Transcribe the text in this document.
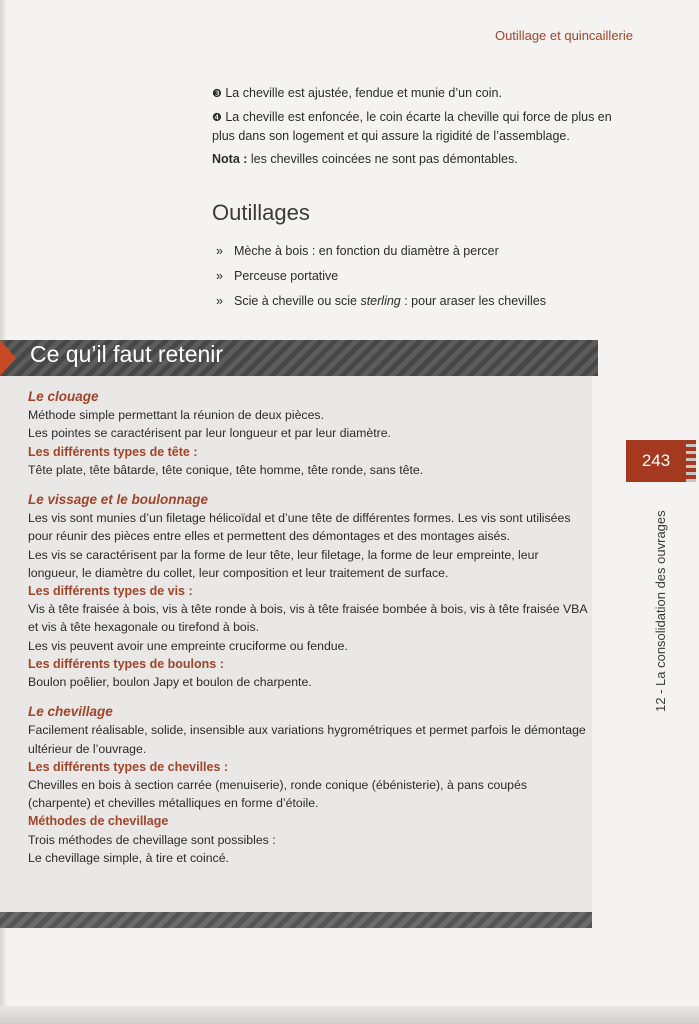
Outillage et quincaillerie

❸ La cheville est ajustée, fendue et munie d’un coin.

❹ La cheville est enfoncée, le coin écarte la cheville qui force de plus en plus dans son logement et qui assure la rigidité de l’assemblage.

Nota : les chevilles coincées ne sont pas démontables.

Outillages
» Mèche à bois : en fonction du diamètre à percer
» Perceuse portative
» Scie à cheville ou scie sterling : pour araser les chevilles
Ce qu’il faut retenir

Le clouage

Méthode simple permettant la réunion de deux pièces.

Les pointes se caractérisent par leur longueur et par leur diamètre.

Les différents types de tête :

Tête plate, tête bâtarde, tête conique, tête homme, tête ronde, sans tête.

Le vissage et le boulonnage

Les vis sont munies d’un filetage hélicoïdal et d’une tête de différentes formes. Les vis sont utilisées pour réunir des pièces entre elles et permettent des démontages et des montages aisés.

Les vis se caractérisent par la forme de leur tête, leur filetage, la forme de leur empreinte, leur longueur, le diamètre du collet, leur composition et leur traitement de surface.

Les différents types de vis :

Vis à tête fraisée à bois, vis à tête ronde à bois, vis à tête fraisée bombée à bois, vis à tête fraisée VBA et vis à tête hexagonale ou tirefond à bois.

Les vis peuvent avoir une empreinte cruciforme ou fendue.

Les différents types de boulons :

Boulon poêlier, boulon Japy et boulon de charpente.

Le chevillage

Facilement réalisable, solide, insensible aux variations hygrométriques et permet parfois le démontage ultérieur de l’ouvrage.

Les différents types de chevilles :

Chevilles en bois à section carrée (menuiserie), ronde conique (ébénisterie), à pans coupés (charpente) et chevilles métalliques en forme d’étoile.

Méthodes de chevillage

Trois méthodes de chevillage sont possibles :

Le chevillage simple, à tire et coincé.

243
12 - La consolidation des ouvrages
